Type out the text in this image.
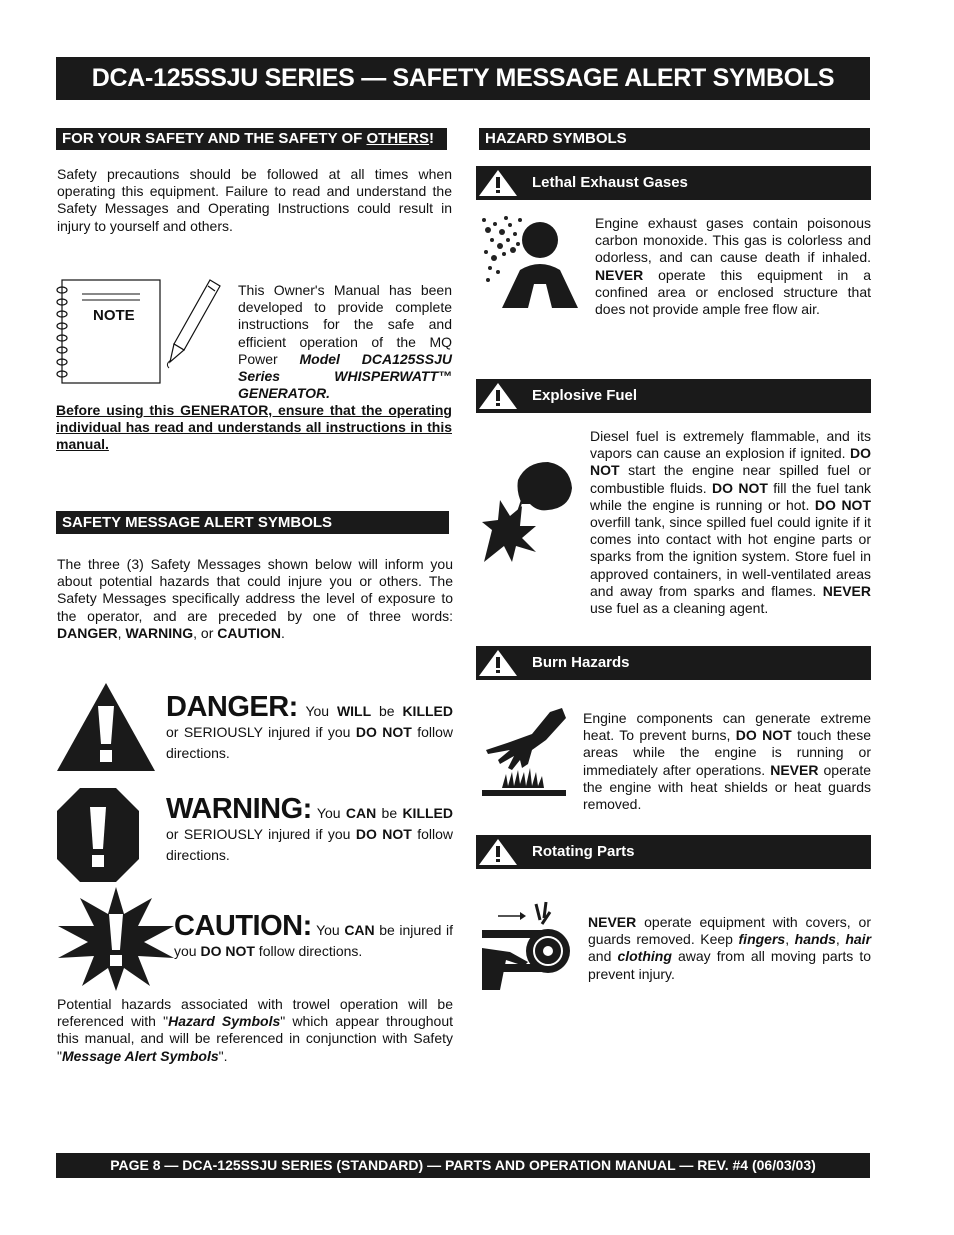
DCA-125SSJU SERIES — SAFETY MESSAGE ALERT SYMBOLS
FOR YOUR SAFETY AND THE SAFETY OF OTHERS!
Safety precautions should be followed at all times when operating this equipment. Failure to read and understand the Safety Messages and Operating Instructions could result in injury to yourself and others.
NOTE
This Owner's Manual has been developed to provide complete instructions for the safe and efficient operation of the MQ Power Model DCA125SSJU Series WHISPERWATT™ GENERATOR.
Before using this GENERATOR, ensure that the operating individual has read and understands all instructions in this manual.
SAFETY MESSAGE ALERT SYMBOLS
The three (3) Safety Messages shown below will inform you about potential hazards that could injure you or others. The Safety Messages specifically address the level of exposure to the operator, and are preceded by one of three words: DANGER, WARNING, or CAUTION.
DANGER: You WILL be KILLED or SERIOUSLY injured if you DO NOT follow directions.
WARNING: You CAN be KILLED or SERIOUSLY injured if you DO NOT follow directions.
CAUTION: You CAN be injured if you DO NOT follow directions.
Potential hazards associated with trowel operation will be referenced with "Hazard Symbols" which appear throughout this manual, and will be referenced in conjunction with Safety "Message Alert Symbols".
HAZARD SYMBOLS
Lethal Exhaust Gases
Engine exhaust gases contain poisonous carbon monoxide. This gas is colorless and odorless, and can cause death if inhaled. NEVER operate this equipment in a confined area or enclosed structure that does not provide ample free flow air.
Explosive Fuel
Diesel fuel is extremely flammable, and its vapors can cause an explosion if ignited. DO NOT start the engine near spilled fuel or combustible fluids. DO NOT fill the fuel tank while the engine is running or hot. DO NOT overfill tank, since spilled fuel could ignite if it comes into contact with hot engine parts or sparks from the ignition system. Store fuel in approved containers, in well-ventilated areas and away from sparks and flames. NEVER use fuel as a cleaning agent.
Burn Hazards
Engine components can generate extreme heat. To prevent burns, DO NOT touch these areas while the engine is running or immediately after operations. NEVER operate the engine with heat shields or heat guards removed.
Rotating Parts
NEVER operate equipment with covers, or guards removed. Keep fingers, hands, hair and clothing away from all moving parts to prevent injury.
PAGE 8 — DCA-125SSJU SERIES (STANDARD) — PARTS AND OPERATION MANUAL — REV. #4 (06/03/03)
